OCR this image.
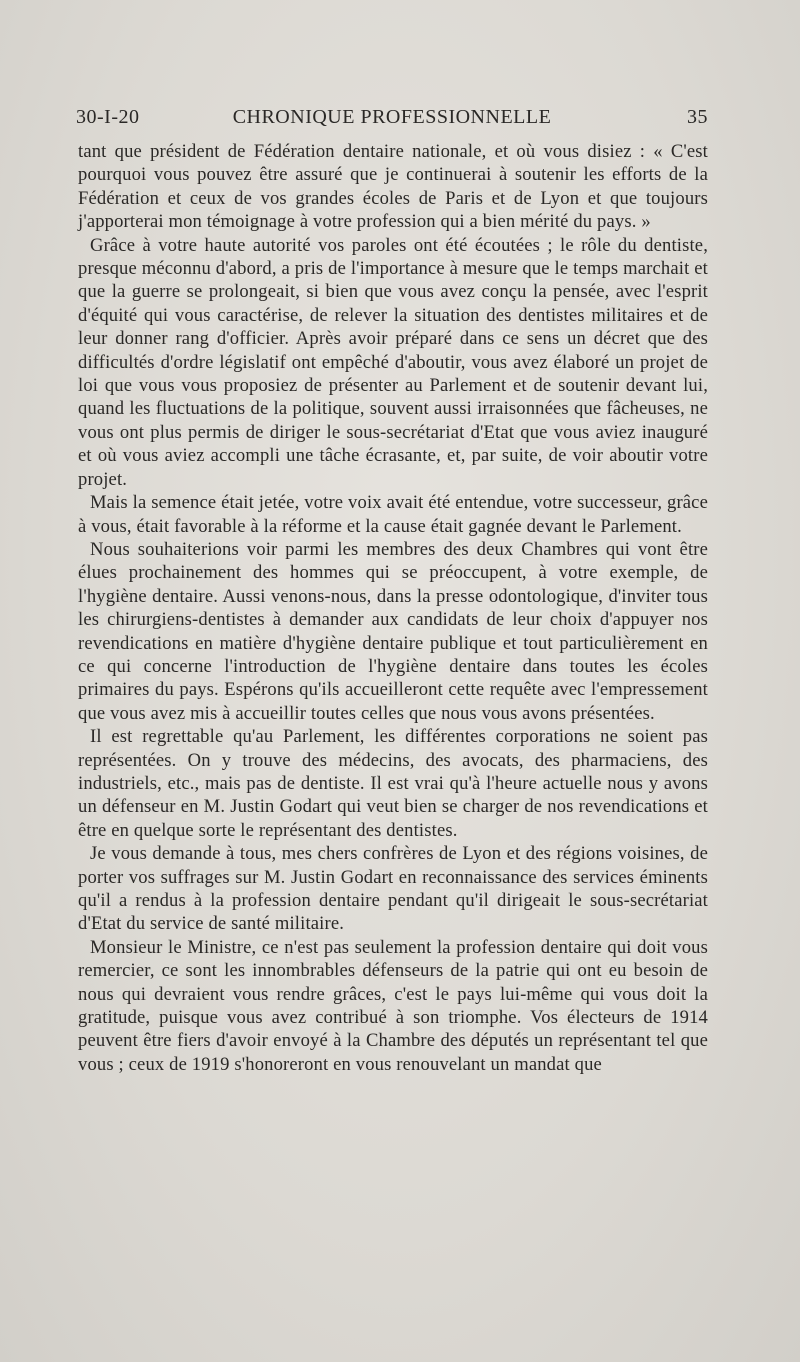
30-I-20	CHRONIQUE PROFESSIONNELLE	35

tant que président de Fédération dentaire nationale, et où vous disiez : « C'est pourquoi vous pouvez être assuré que je continuerai à soutenir les efforts de la Fédération et ceux de vos grandes écoles de Paris et de Lyon et que toujours j'apporterai mon témoignage à votre profession qui a bien mérité du pays. »

Grâce à votre haute autorité vos paroles ont été écoutées ; le rôle du dentiste, presque méconnu d'abord, a pris de l'importance à mesure que le temps marchait et que la guerre se prolongeait, si bien que vous avez conçu la pensée, avec l'esprit d'équité qui vous caractérise, de relever la situation des dentistes militaires et de leur donner rang d'officier. Après avoir préparé dans ce sens un décret que des difficultés d'ordre législatif ont empêché d'aboutir, vous avez élaboré un projet de loi que vous vous proposiez de présenter au Parlement et de soutenir devant lui, quand les fluctuations de la politique, souvent aussi irraisonnées que fâcheuses, ne vous ont plus permis de diriger le sous-secrétariat d'Etat que vous aviez inauguré et où vous aviez accompli une tâche écrasante, et, par suite, de voir aboutir votre projet.

Mais la semence était jetée, votre voix avait été entendue, votre successeur, grâce à vous, était favorable à la réforme et la cause était gagnée devant le Parlement.

Nous souhaiterions voir parmi les membres des deux Chambres qui vont être élues prochainement des hommes qui se préoccupent, à votre exemple, de l'hygiène dentaire. Aussi venons-nous, dans la presse odontologique, d'inviter tous les chirurgiens-dentistes à demander aux candidats de leur choix d'appuyer nos revendications en matière d'hygiène dentaire publique et tout particulièrement en ce qui concerne l'introduction de l'hygiène dentaire dans toutes les écoles primaires du pays. Espérons qu'ils accueilleront cette requête avec l'empressement que vous avez mis à accueillir toutes celles que nous vous avons présentées.

Il est regrettable qu'au Parlement, les différentes corporations ne soient pas représentées. On y trouve des médecins, des avocats, des pharmaciens, des industriels, etc., mais pas de dentiste. Il est vrai qu'à l'heure actuelle nous y avons un défenseur en M. Justin Godart qui veut bien se charger de nos revendications et être en quelque sorte le représentant des dentistes.

Je vous demande à tous, mes chers confrères de Lyon et des régions voisines, de porter vos suffrages sur M. Justin Godart en reconnaissance des services éminents qu'il a rendus à la profession dentaire pendant qu'il dirigeait le sous-secrétariat d'Etat du service de santé militaire.

Monsieur le Ministre, ce n'est pas seulement la profession dentaire qui doit vous remercier, ce sont les innombrables défenseurs de la patrie qui ont eu besoin de nous qui devraient vous rendre grâces, c'est le pays lui-même qui vous doit la gratitude, puisque vous avez contribué à son triomphe. Vos électeurs de 1914 peuvent être fiers d'avoir envoyé à la Chambre des députés un représentant tel que vous ; ceux de 1919 s'honoreront en vous renouvelant un mandat que
